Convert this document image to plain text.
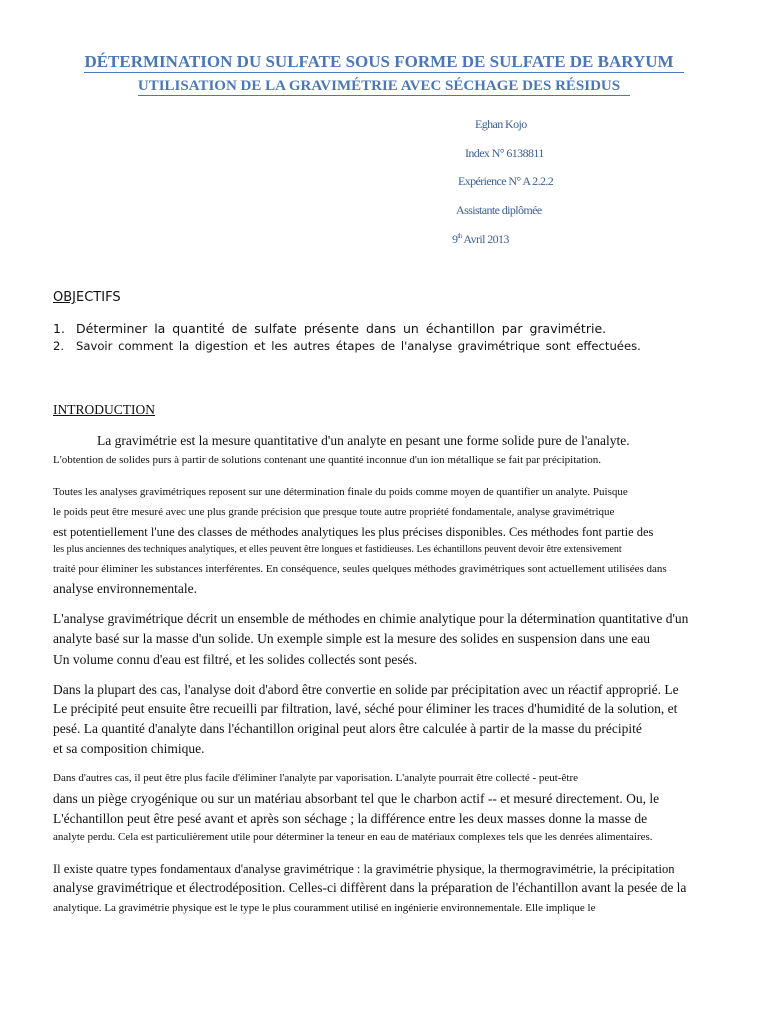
DÉTERMINATION DU SULFATE SOUS FORME DE SULFATE DE BARYUM
UTILISATION DE LA GRAVIMÉTRIE AVEC SÉCHAGE DES RÉSIDUS
Eghan Kojo
Index N° 6138811
Expérience N° A 2.2.2
Assistante diplômée
9th Avril 2013
OBJECTIFS
1. Déterminer la quantité de sulfate présente dans un échantillon par gravimétrie.
2. Savoir comment la digestion et les autres étapes de l'analyse gravimétrique sont effectuées.
INTRODUCTION
La gravimétrie est la mesure quantitative d'un analyte en pesant une forme solide pure de l'analyte.
L'obtention de solides purs à partir de solutions contenant une quantité inconnue d'un ion métallique se fait par précipitation.
Toutes les analyses gravimétriques reposent sur une détermination finale du poids comme moyen de quantifier un analyte. Puisque
le poids peut être mesuré avec une plus grande précision que presque toute autre propriété fondamentale, analyse gravimétrique
est potentiellement l'une des classes de méthodes analytiques les plus précises disponibles. Ces méthodes font partie des
les plus anciennes des techniques analytiques, et elles peuvent être longues et fastidieuses. Les échantillons peuvent devoir être extensivement
traité pour éliminer les substances interférentes. En conséquence, seules quelques méthodes gravimétriques sont actuellement utilisées dans
analyse environnementale.
L'analyse gravimétrique décrit un ensemble de méthodes en chimie analytique pour la détermination quantitative d'un
analyte basé sur la masse d'un solide. Un exemple simple est la mesure des solides en suspension dans une eau
Un volume connu d'eau est filtré, et les solides collectés sont pesés.
Dans la plupart des cas, l'analyse doit d'abord être convertie en solide par précipitation avec un réactif approprié. Le
Le précipité peut ensuite être recueilli par filtration, lavé, séché pour éliminer les traces d'humidité de la solution, et
pesé. La quantité d'analyte dans l'échantillon original peut alors être calculée à partir de la masse du précipité
et sa composition chimique.
Dans d'autres cas, il peut être plus facile d'éliminer l'analyte par vaporisation. L'analyte pourrait être collecté - peut-être
dans un piège cryogénique ou sur un matériau absorbant tel que le charbon actif -- et mesuré directement. Ou, le
L'échantillon peut être pesé avant et après son séchage ; la différence entre les deux masses donne la masse de
analyte perdu. Cela est particulièrement utile pour déterminer la teneur en eau de matériaux complexes tels que les denrées alimentaires.
Il existe quatre types fondamentaux d'analyse gravimétrique : la gravimétrie physique, la thermogravimétrie, la précipitation
analyse gravimétrique et électrodéposition. Celles-ci diffèrent dans la préparation de l'échantillon avant la pesée de la
analytique. La gravimétrie physique est le type le plus couramment utilisé en ingénierie environnementale. Elle implique le
